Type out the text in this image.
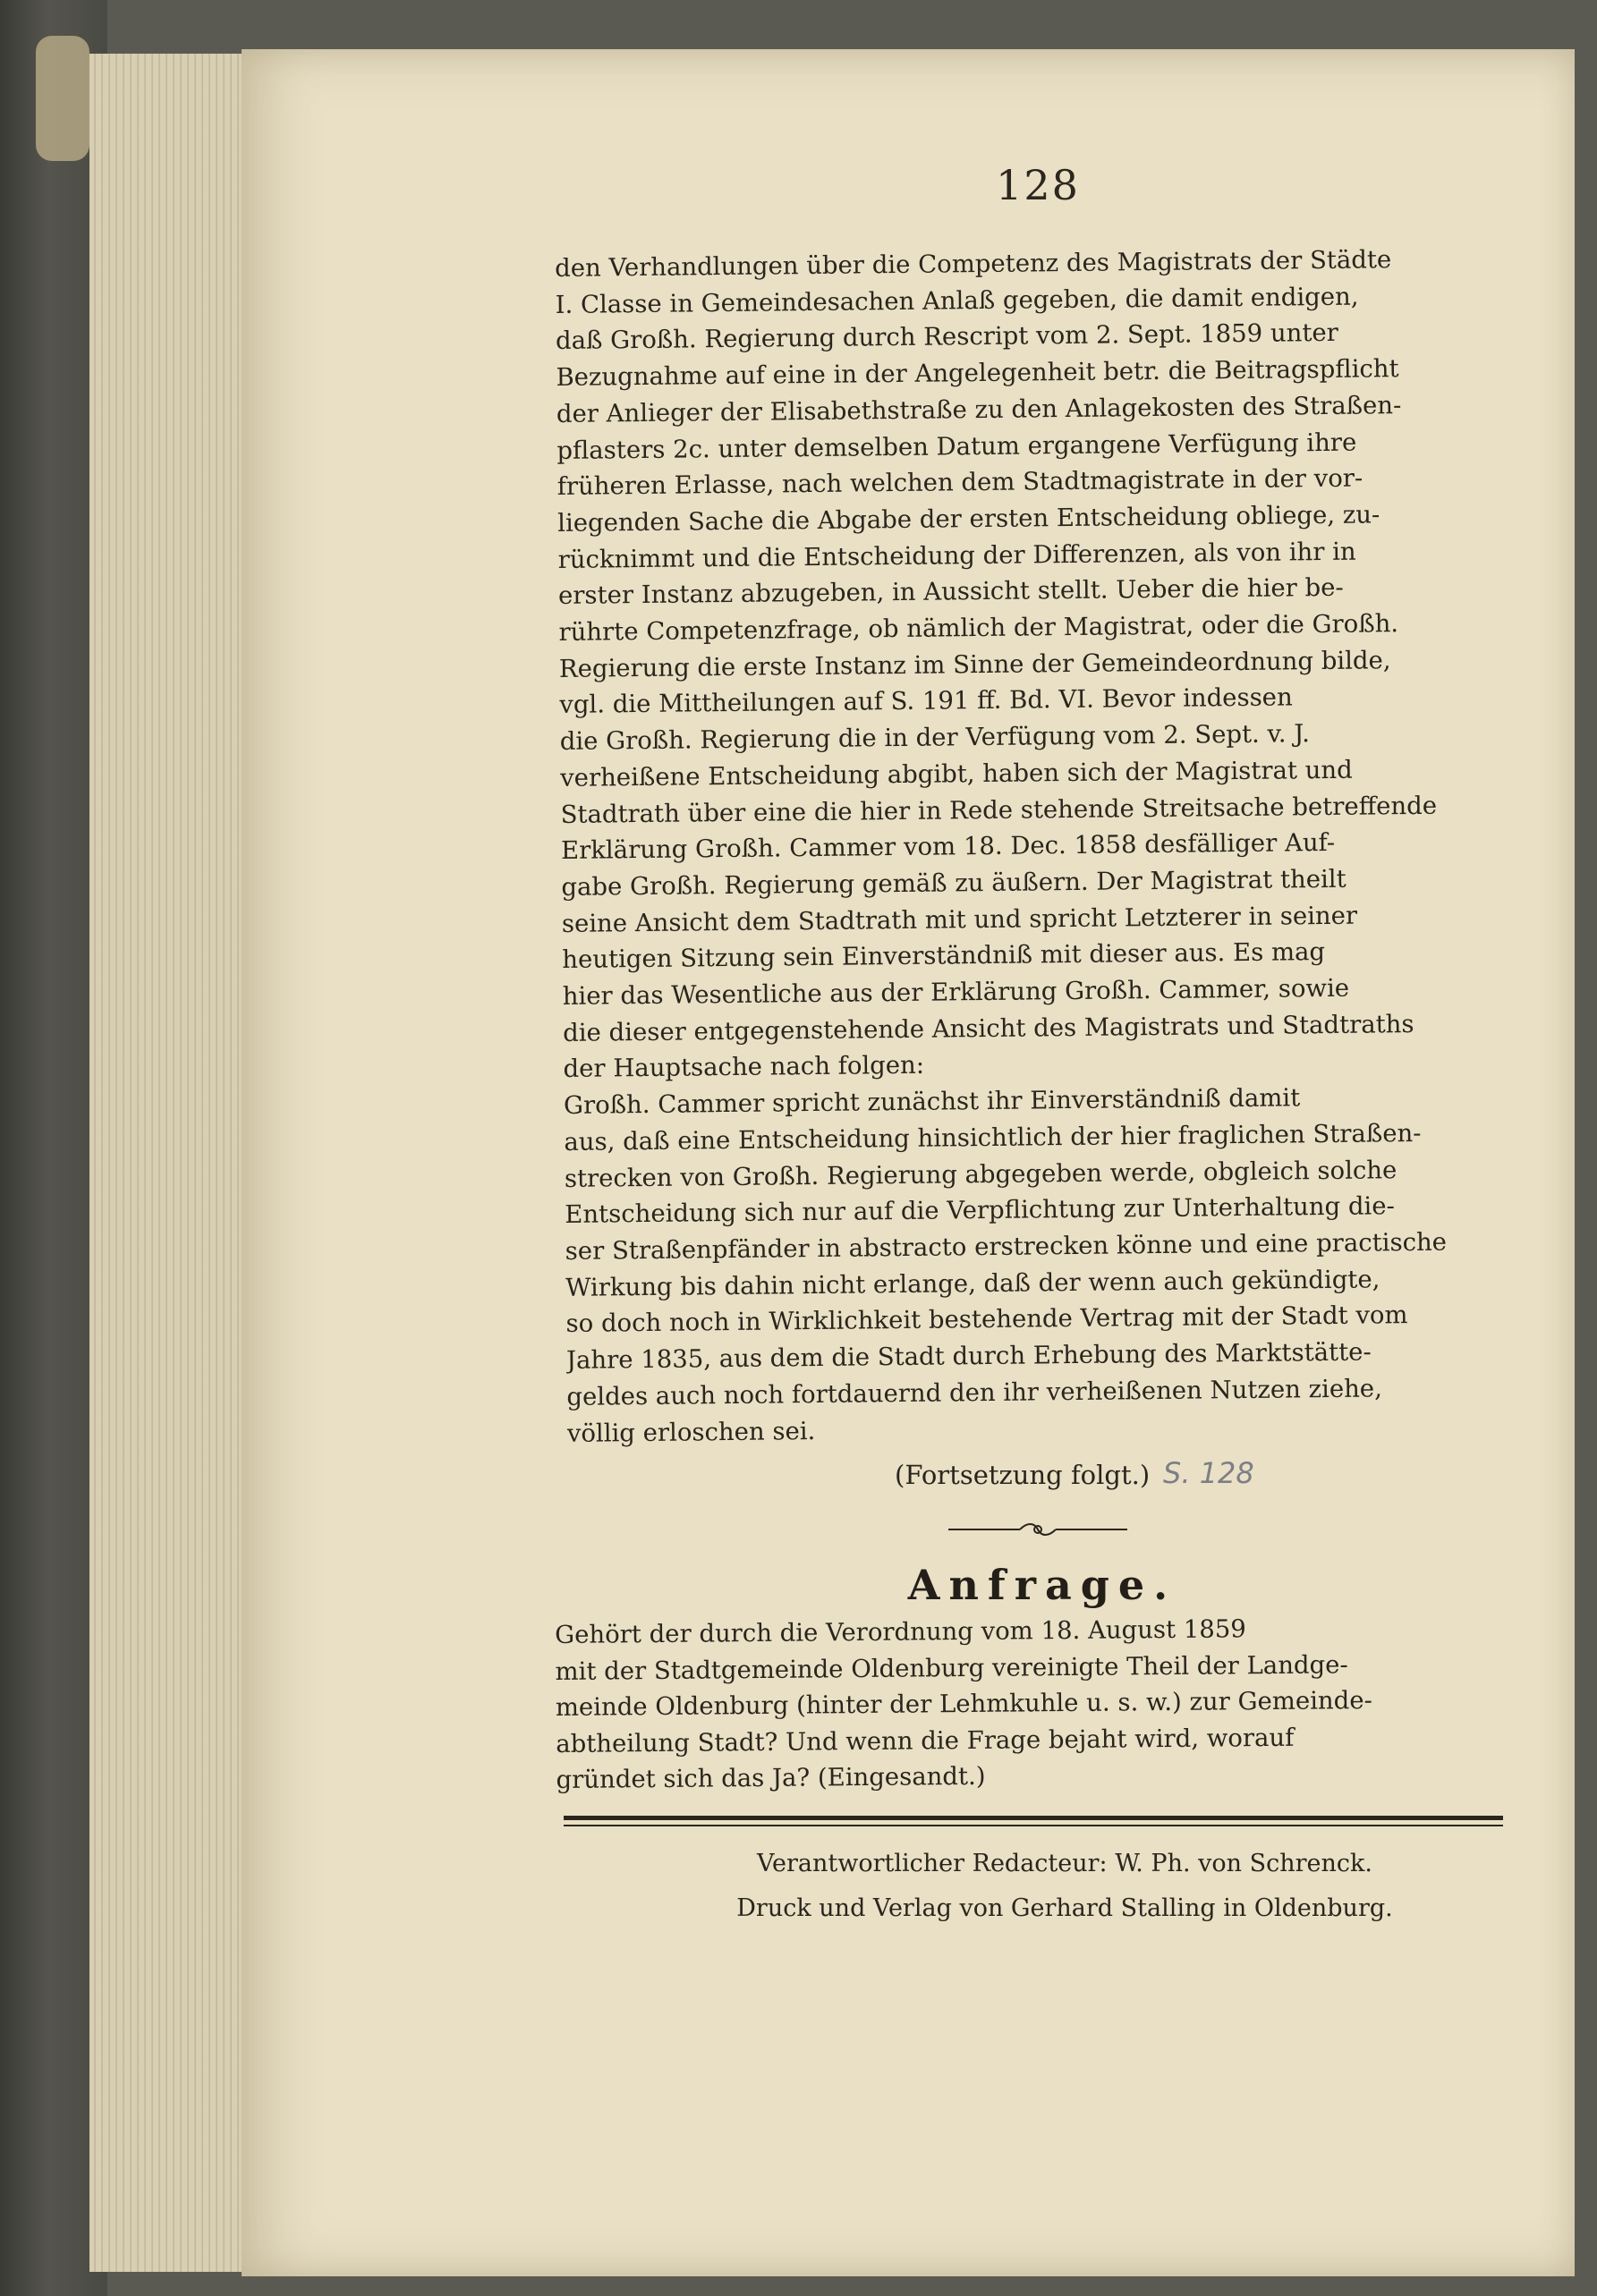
128
den Verhandlungen über die Competenz des Magistrats der Städte
I. Classe in Gemeindesachen Anlaß gegeben, die damit endigen,
daß Großh. Regierung durch Rescript vom 2. Sept. 1859 unter
Bezugnahme auf eine in der Angelegenheit betr. die Beitragspflicht
der Anlieger der Elisabethstraße zu den Anlagekosten des Straßen-
pflasters 2c. unter demselben Datum ergangene Verfügung ihre
früheren Erlasse, nach welchen dem Stadtmagistrate in der vor-
liegenden Sache die Abgabe der ersten Entscheidung obliege, zu-
rücknimmt und die Entscheidung der Differenzen, als von ihr in
erster Instanz abzugeben, in Aussicht stellt. Ueber die hier be-
rührte Competenzfrage, ob nämlich der Magistrat, oder die Großh.
Regierung die erste Instanz im Sinne der Gemeindeordnung bilde,
vgl. die Mittheilungen auf S. 191 ff. Bd. VI. Bevor indessen
die Großh. Regierung die in der Verfügung vom 2. Sept. v. J.
verheißene Entscheidung abgibt, haben sich der Magistrat und
Stadtrath über eine die hier in Rede stehende Streitsache betreffende
Erklärung Großh. Cammer vom 18. Dec. 1858 desfälliger Auf-
gabe Großh. Regierung gemäß zu äußern. Der Magistrat theilt
seine Ansicht dem Stadtrath mit und spricht Letzterer in seiner
heutigen Sitzung sein Einverständniß mit dieser aus. Es mag
hier das Wesentliche aus der Erklärung Großh. Cammer, sowie
die dieser entgegenstehende Ansicht des Magistrats und Stadtraths
der Hauptsache nach folgen:
Großh. Cammer spricht zunächst ihr Einverständniß damit
aus, daß eine Entscheidung hinsichtlich der hier fraglichen Straßen-
strecken von Großh. Regierung abgegeben werde, obgleich solche
Entscheidung sich nur auf die Verpflichtung zur Unterhaltung die-
ser Straßenpfänder in abstracto erstrecken könne und eine practische
Wirkung bis dahin nicht erlange, daß der wenn auch gekündigte,
so doch noch in Wirklichkeit bestehende Vertrag mit der Stadt vom
Jahre 1835, aus dem die Stadt durch Erhebung des Marktstätte-
geldes auch noch fortdauernd den ihr verheißenen Nutzen ziehe,
völlig erloschen sei.
(Fortsetzung folgt.) S. 128
Anfrage.
Gehört der durch die Verordnung vom 18. August 1859
mit der Stadtgemeinde Oldenburg vereinigte Theil der Landge-
meinde Oldenburg (hinter der Lehmkuhle u. s. w.) zur Gemeinde-
abtheilung Stadt? Und wenn die Frage bejaht wird, worauf
gründet sich das Ja? (Eingesandt.)
Verantwortlicher Redacteur: W. Ph. von Schrenck.
Druck und Verlag von Gerhard Stalling in Oldenburg.
